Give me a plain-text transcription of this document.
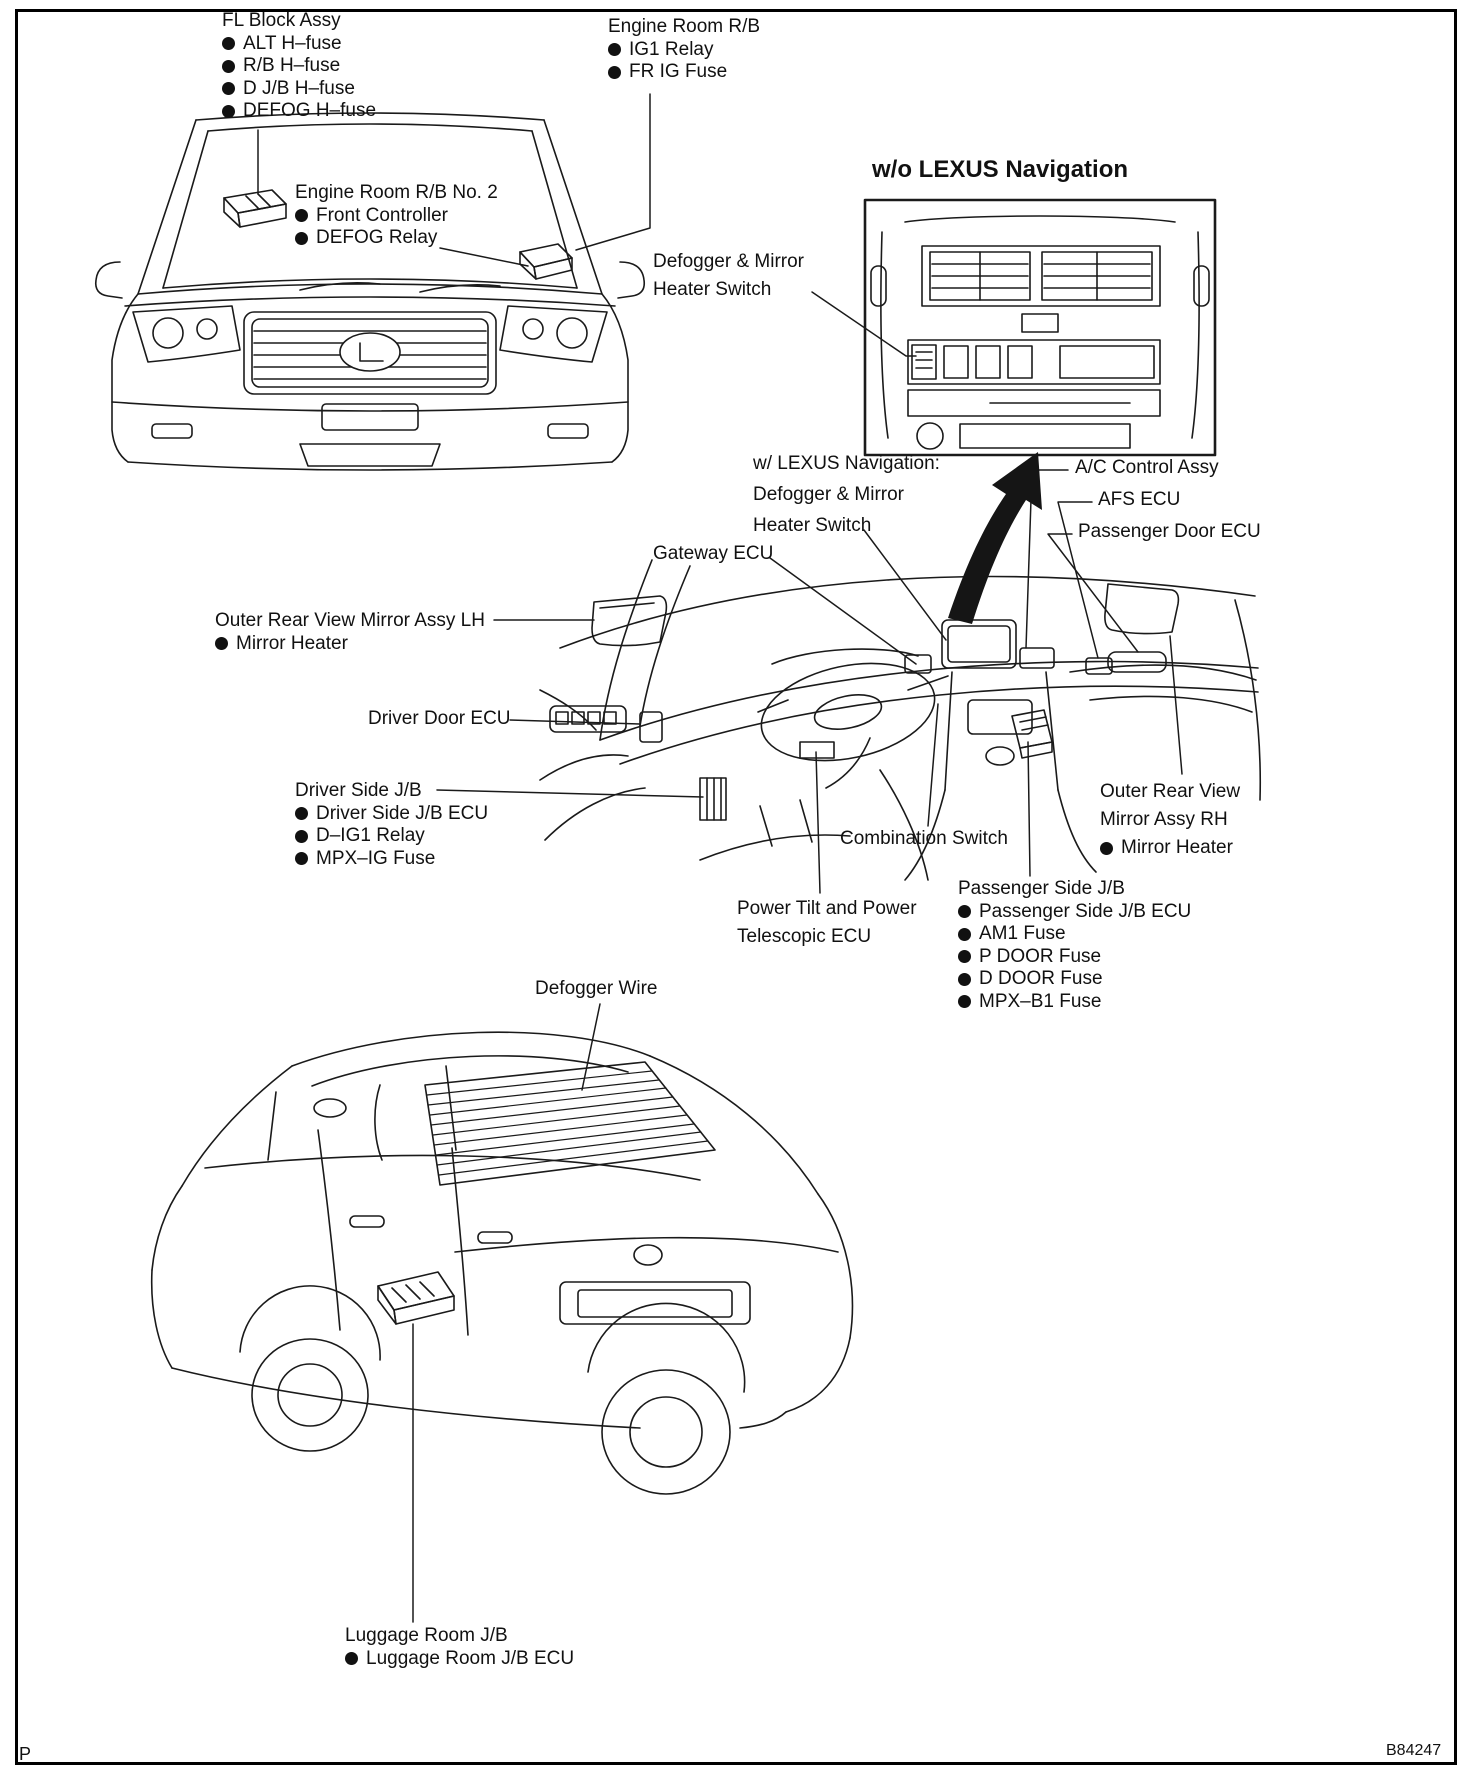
FL Block Assy
ALT H–fuse
R/B H–fuse
D J/B H–fuse
DEFOG H–fuse
Engine Room R/B
IG1 Relay
FR IG Fuse
Engine Room R/B No. 2
Front Controller
DEFOG Relay
w/o LEXUS Navigation
Defogger & Mirror
Heater Switch
w/ LEXUS Navigation:
Defogger & Mirror
Heater Switch
Gateway ECU
A/C Control Assy
AFS ECU
Passenger Door ECU
Outer Rear View Mirror Assy LH
Mirror Heater
Driver Door ECU
Driver Side J/B
Driver Side J/B ECU
D–IG1 Relay
MPX–IG Fuse
Combination Switch
Outer Rear View
Mirror Assy RH
Mirror Heater
Power Tilt and Power
Telescopic ECU
Passenger Side J/B
Passenger Side J/B ECU
AM1 Fuse
P DOOR Fuse
D DOOR Fuse
MPX–B1 Fuse
Defogger Wire
Luggage Room J/B
Luggage Room J/B ECU
P	B84247
